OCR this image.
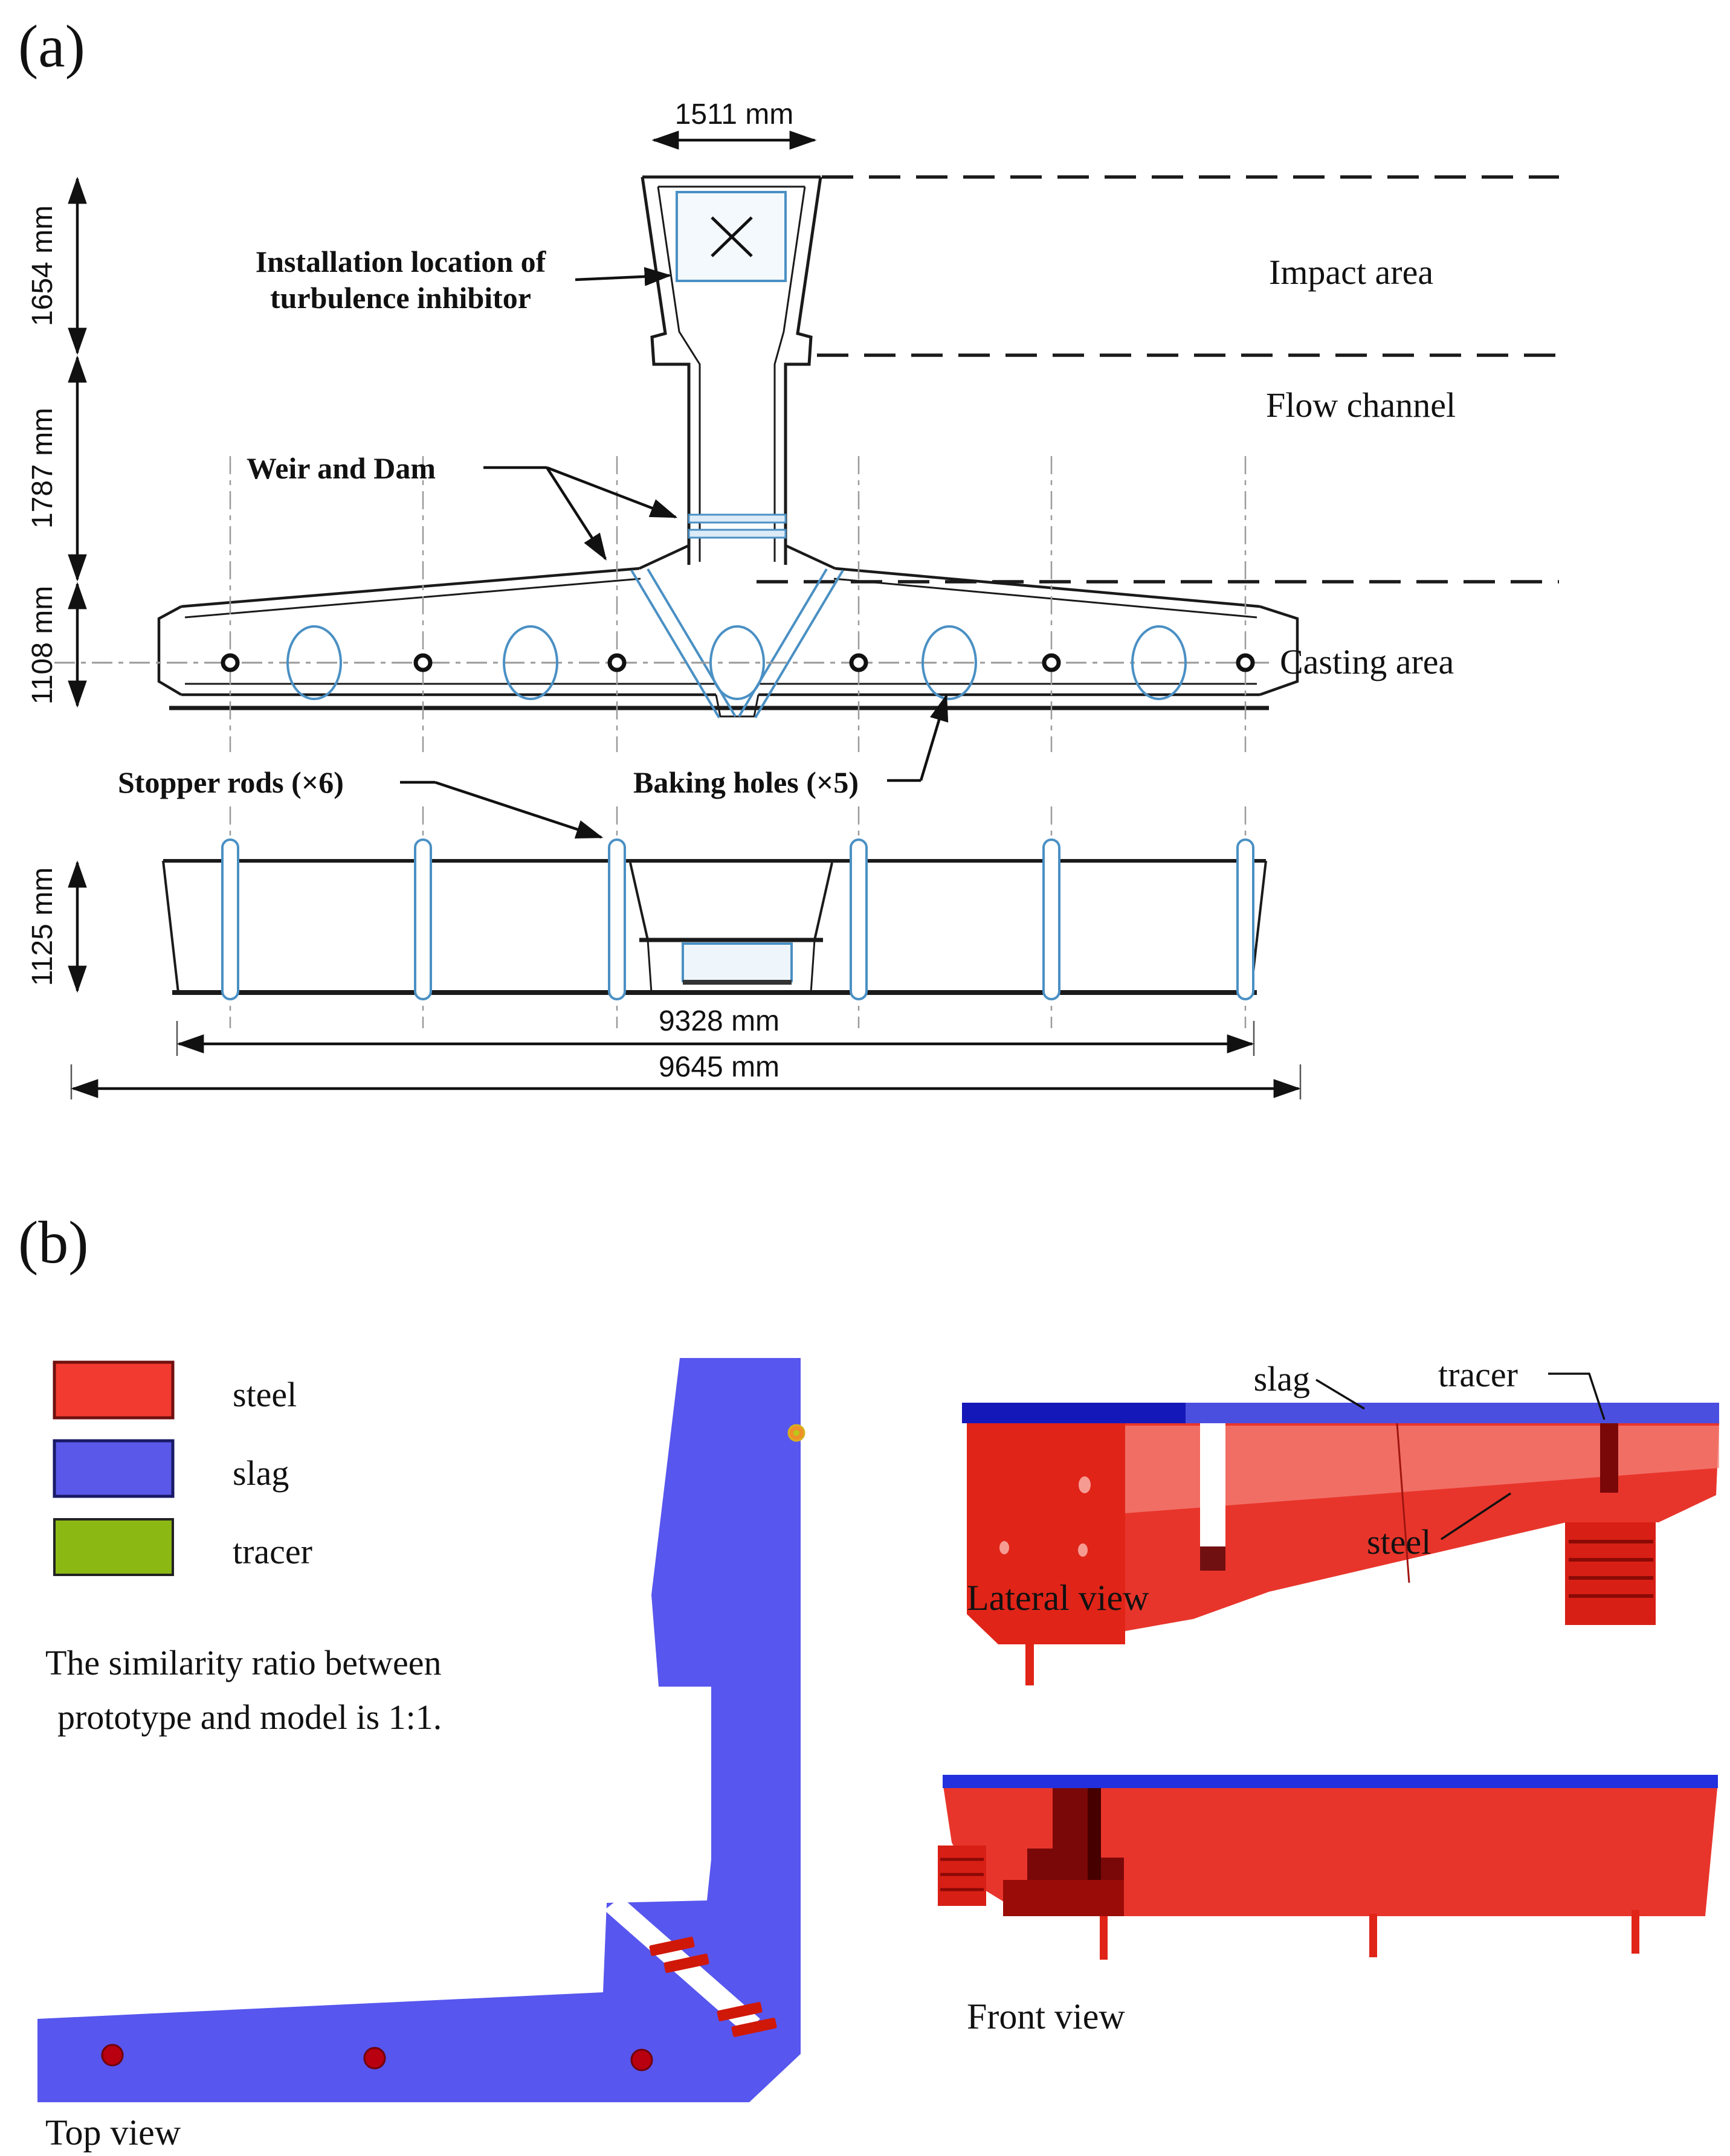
(a)
1511 mm
1654 mm
1787 mm
1108 mm
1125 mm
9328 mm
9645 mm
Impact area
Flow channel
Casting area
Installation location of
turbulence inhibitor
Weir and Dam
Stopper rods (×6)	Baking holes (×5)
(b)
steel
slag
tracer
The similarity ratio between
prototype and model is 1:1.
Top view
slag	tracer
steel
Lateral view
Front view
